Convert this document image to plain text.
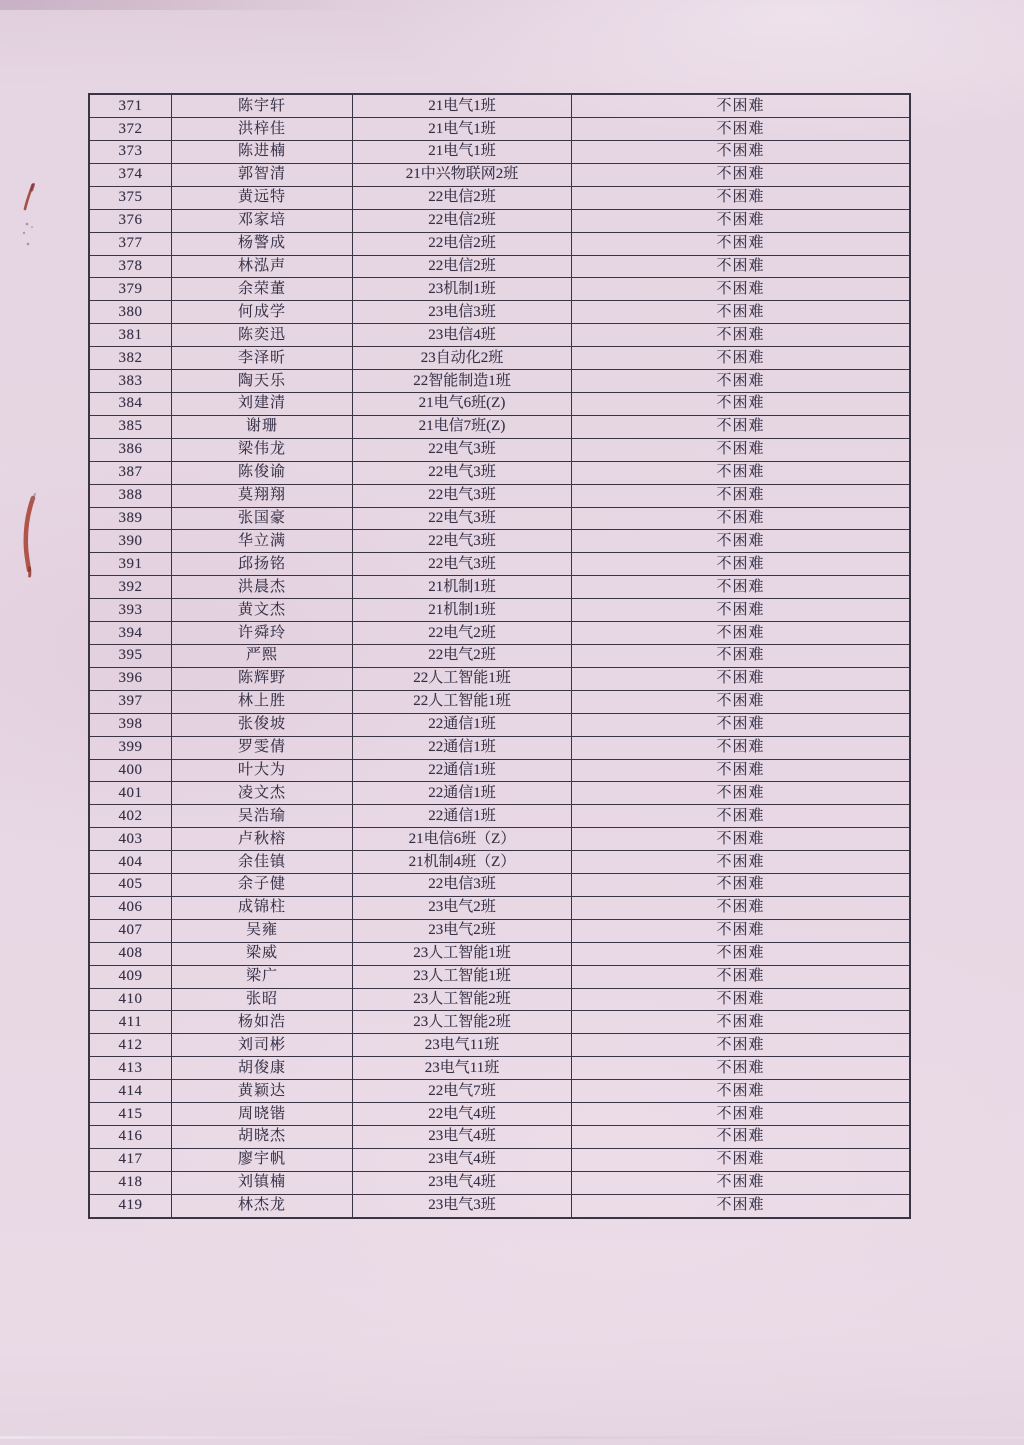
371	陈宇轩	21电气1班	不困难
372	洪梓佳	21电气1班	不困难
373	陈进楠	21电气1班	不困难
374	郭智清	21中兴物联网2班	不困难
375	黄远特	22电信2班	不困难
376	邓家培	22电信2班	不困难
377	杨警成	22电信2班	不困难
378	林泓声	22电信2班	不困难
379	余荣董	23机制1班	不困难
380	何成学	23电信3班	不困难
381	陈奕迅	23电信4班	不困难
382	李泽昕	23自动化2班	不困难
383	陶天乐	22智能制造1班	不困难
384	刘建清	21电气6班(Z)	不困难
385	谢珊	21电信7班(Z)	不困难
386	梁伟龙	22电气3班	不困难
387	陈俊谕	22电气3班	不困难
388	莫翔翔	22电气3班	不困难
389	张国豪	22电气3班	不困难
390	华立满	22电气3班	不困难
391	邱扬铭	22电气3班	不困难
392	洪晨杰	21机制1班	不困难
393	黄文杰	21机制1班	不困难
394	许舜玲	22电气2班	不困难
395	严熙	22电气2班	不困难
396	陈辉野	22人工智能1班	不困难
397	林上胜	22人工智能1班	不困难
398	张俊坡	22通信1班	不困难
399	罗雯倩	22通信1班	不困难
400	叶大为	22通信1班	不困难
401	凌文杰	22通信1班	不困难
402	吴浩瑜	22通信1班	不困难
403	卢秋榕	21电信6班（Z）	不困难
404	余佳镇	21机制4班（Z）	不困难
405	余子健	22电信3班	不困难
406	成锦柱	23电气2班	不困难
407	吴雍	23电气2班	不困难
408	梁威	23人工智能1班	不困难
409	梁广	23人工智能1班	不困难
410	张昭	23人工智能2班	不困难
411	杨如浩	23人工智能2班	不困难
412	刘司彬	23电气11班	不困难
413	胡俊康	23电气11班	不困难
414	黄颖达	22电气7班	不困难
415	周晓锴	22电气4班	不困难
416	胡晓杰	23电气4班	不困难
417	廖宇帆	23电气4班	不困难
418	刘镇楠	23电气4班	不困难
419	林杰龙	23电气3班	不困难
